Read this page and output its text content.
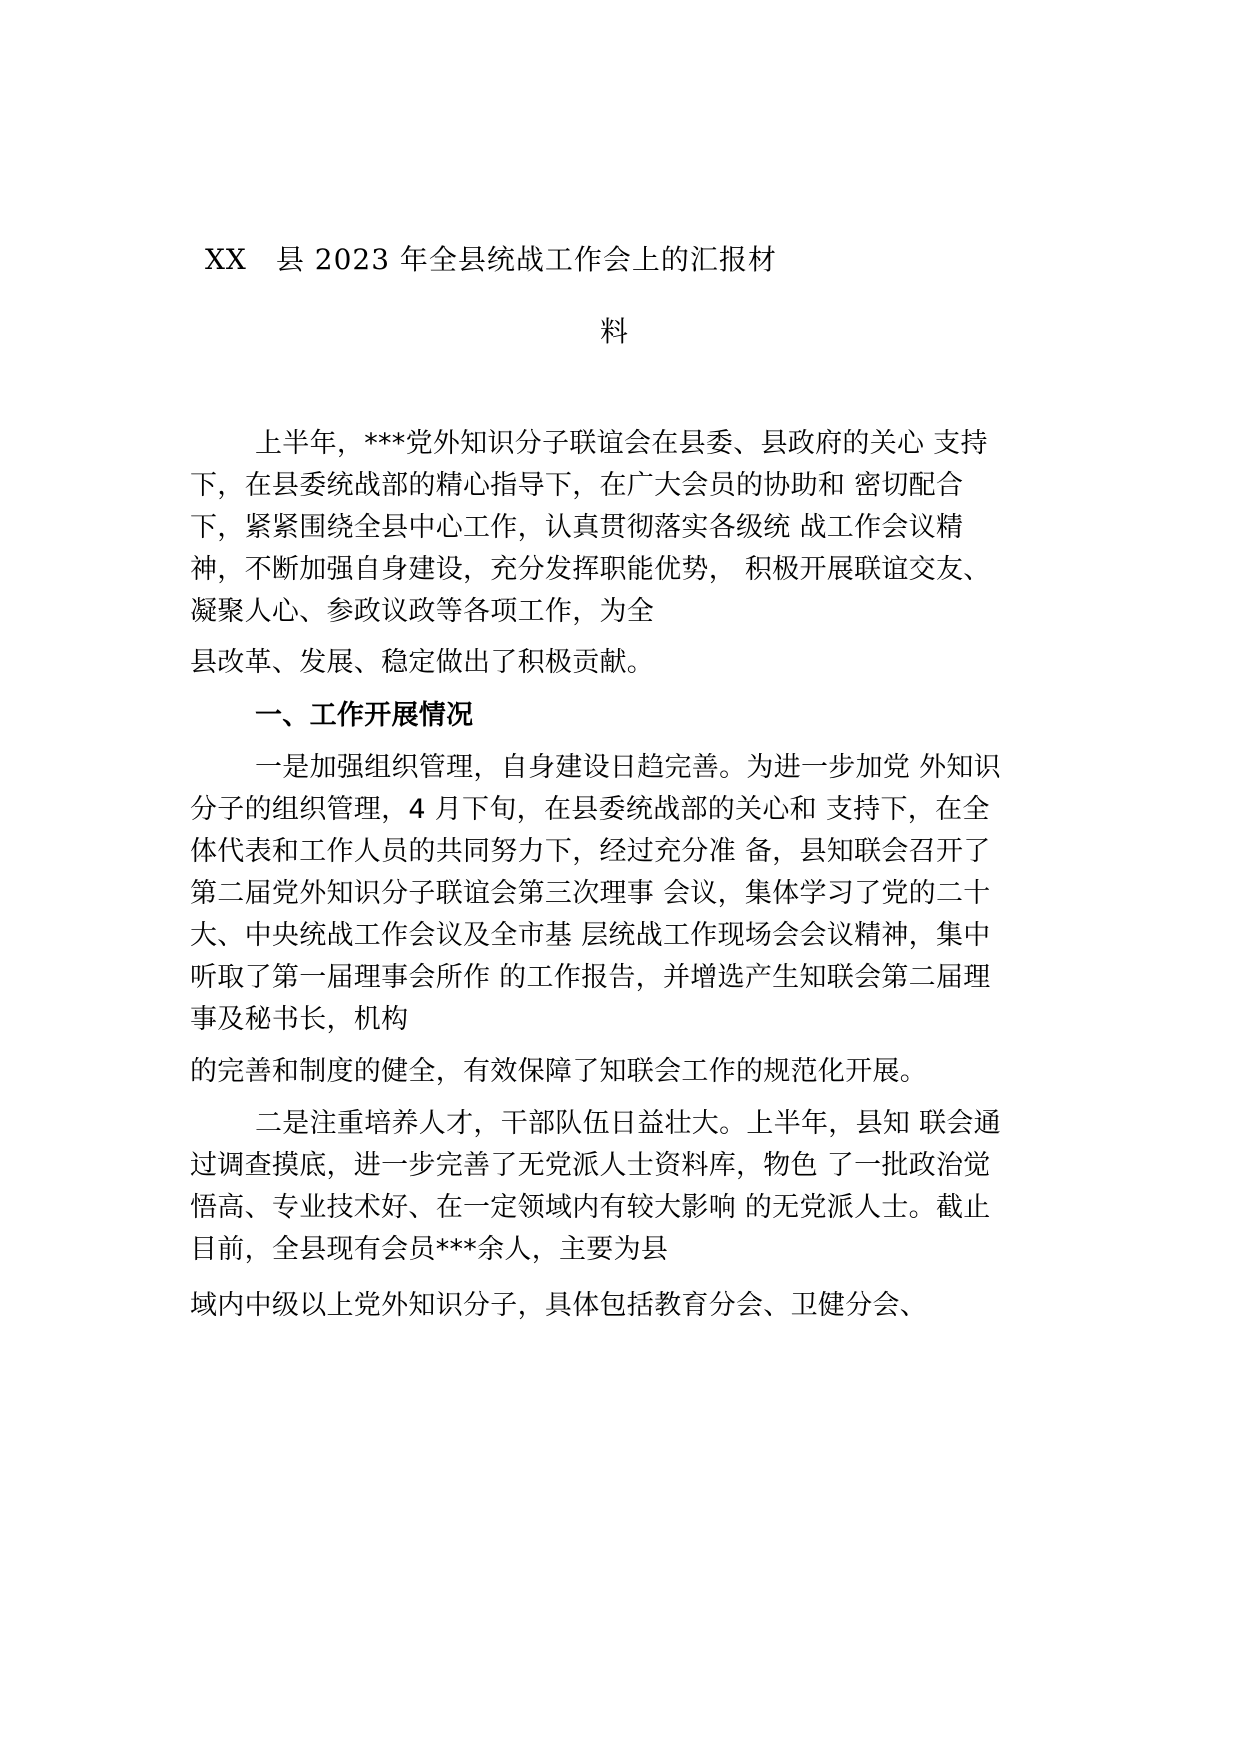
XX　县 2023 年全县统战工作会上的汇报材
料
上半年，***党外知识分子联谊会在县委、县政府的关心 支持
下，在县委统战部的精心指导下，在广大会员的协助和 密切配合
下，紧紧围绕全县中心工作，认真贯彻落实各级统 战工作会议精
神，不断加强自身建设，充分发挥职能优势， 积极开展联谊交友、
凝聚人心、参政议政等各项工作，为全
县改革、发展、稳定做出了积极贡献。
一、工作开展情况
一是加强组织管理，自身建设日趋完善。为进一步加党 外知识
分子的组织管理，4 月下旬，在县委统战部的关心和 支持下，在全
体代表和工作人员的共同努力下，经过充分准 备，县知联会召开了
第二届党外知识分子联谊会第三次理事 会议，集体学习了党的二十
大、中央统战工作会议及全市基 层统战工作现场会会议精神，集中
听取了第一届理事会所作 的工作报告，并增选产生知联会第二届理
事及秘书长，机构
的完善和制度的健全，有效保障了知联会工作的规范化开展。
二是注重培养人才，干部队伍日益壮大。上半年，县知 联会通
过调查摸底，进一步完善了无党派人士资料库，物色 了一批政治觉
悟高、专业技术好、在一定领域内有较大影响 的无党派人士。截止
目前，全县现有会员***余人，主要为县
域内中级以上党外知识分子，具体包括教育分会、卫健分会、
